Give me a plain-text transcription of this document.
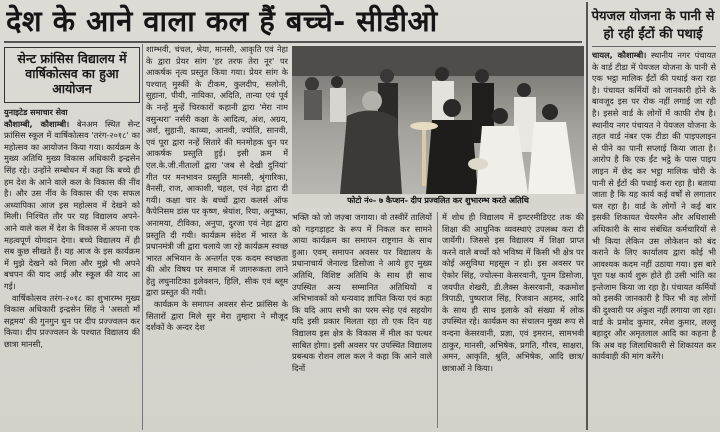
देश के आने वाला कल हैं बच्चे- सीडीओ
सेन्ट फ्रांसिस विद्यालय में वार्षिकोत्सव का हुआ आयोजन

युनाइटेड समाचार सेवा
कौशाम्बी, कौशाम्बी। बेनअम स्थित सेन्ट फ्रांसिस स्कूल में वार्षिकोत्सव 'तरंग-२०१८' का महोत्सव का आयोजन किया गया। कार्यक्रम के मुख्य अतिथि मुख्य विकास अधिकारी इन्द्रसेन सिंह रहे। उन्होंने सम्बोधन में कहा कि बच्चे ही हम देश के आने वाले कल के विकास की नींव है। और उस नींव के विकास की एक सफल अध्यापिका आज इस महोत्सव में देखने को मिली। निश्चित तौर पर यह विद्यालय अपने-आने वाले कल में देश के विकास में अपना एक महत्वपूर्ण योगदान देगा। बच्चे विद्यालय में ही सब कुछ सीखते हैं। यह आज के इस कार्यक्रम में मुझे देखने को मिला और मुझे भी अपने बचपन की याद आई और स्कूल की याद आ गई।

वार्षिकोत्सव तरंग-२०१८ का शुभारम्भ मुख्य विकास अधिकारी इन्द्रसेन सिंह ने 'असतो माँ सद्गमय' की गुनगुन धुन पर दीप प्रज्ज्वलन कर किया। दीप प्रज्ज्वलन के पश्चात विद्यालय की छात्रा मानसी,

शाम्भवी, चंचल, श्रेया, मानसी, आकृति एवं नेहा के द्वारा प्रेयर सांग 'हर तरफ तेरा नूर' पर आकर्षक नृत्य प्रस्तुत किया गया। प्रेयर सांग के पश्चात् मुस्कीं के टीकम, कुलदीप, सलोनी, सुहाना, पीयी, नायिका, अदिति, तान्या एवं पूर्व के नन्हें मुन्हें चिरकारों कहानी द्वारा 'मेरा नाम वसुन्धरा' नर्सरी कक्षा के आदित्य, अंश, अग्रय, अर्श, सुहानी, काव्या, आनवी, ज्योति, सानवी, एवं पूरा द्वारा नन्हें सितारे की मनमोहक धुन पर आकर्षक प्रस्तुति हुई। इसी क्रम में एल.के.जी.नीतालों द्वारा 'जब से देखी दुनियां' गीत पर मनभावन प्रस्तुति मानसी, श्रृंगारिका, वैनसी, राज, आकाशी, चहल, एवं नेहा द्वारा दी गयी। कक्षा चार के बच्चों द्वारा कलर्स ऑफ कैपेनिसम डांस पर कृष्ण, श्रेयांश, रिया, अनुष्का, अनामया, टीविका, अनुपा, दुरजा एवं नेहा द्वारा प्रस्तुति दी गयी। कार्यक्रम संदेश में भारत के प्रधानमंत्री जी द्वारा चलाये जा रहे कार्यक्रम स्वच्छ भारत अभियान के अन्तर्गत एक कदम स्वच्छता की ओर विषय पर समाज में जागरूकता लाने हेतु लघुनाटिका इलेक्शन, हिलि, सीक एवं ब्लूम द्वारा प्रस्तुत की गयी।

कार्यक्रम के समापन अवसर सेन्ट फ्रांसिस के सितारों द्वारा मिले सुर मेरा तुम्हारा ने मौजूद दर्शकों के अन्दर देश

फोटो नं०- ७ कैप्शन- दीप प्रज्वलित कर शुभारम्भ करते अतिथि

भक्ति को जो जज़्बा जगाया। वो तस्वीरें तालियों को गड़गड़ाहट के रूप में निकल कर सामने आया कार्यक्रम का समापन राष्ट्रगान के साथ हुआ। एवम् समापन अवसर पर विद्यालय के प्रधानाचार्य जेनाल्ड डिसोजा ने आये हुए मुख्य अतिथि, विशिष्ट अतिथि के साथ ही साथ उपस्थित अन्य सम्मानित अतिथियों व अभिभावकों को धन्यवाद ज्ञापित किया एवं कहा कि यदि आप सभी का परम स्नेह एवं सहयोग यदि इसी प्रकार मिलता रहा तो एक दिन यह विद्यालय इस क्षेत्र के विकास में मील का पत्थर साबित होगा। इसी अवसर पर उपस्थित विद्यालय प्रबन्धक रोशन लाल कल ने कहा कि आने वाले दिनों

में शोध ही विद्यालय में इण्टरमीडिएट तक की शिक्षा की आधुनिक व्यवस्थाएं उपलब्ध करा दी जायेंगी। जिससे इस विद्यालय में शिक्षा प्राप्त करने वाले बच्चों को भविष्य में किसी भी क्षेत्र पर कोई असुविधा महसूस न हो। इस अवसर पर ऐकोर सिंह, ज्योत्स्ना केसरवानी, पूनम डिसोजा, जयपीत शेखरी, डी.लैक्स केसरवानी, कक्रमोश त्रिपाठी, पुष्पराज सिंह, रिजवान अहमद, आदि के साथ ही साथ इलाके को संख्या में लोक उपस्थित रहे। कार्यक्रम का संचालन मुख्य रूप से वन्दना केसरवानी, प्रज्ञा, एवं इमरान, सामभवी ठाकुर, मानसी, अभिषेक, प्रगति, गौरव, साक्षरा, अमन, आकृति, श्रुति, अभिषेक, आदि छात्र/छात्राओं ने किया।

पेयजल योजना के पानी से हो रही ईंटों की पथाई

चायल, कौशाम्बी। स्थानीय नगर पंचायत के वार्ड टीडा में पेयजल योजना के पानी से एक भट्ठा मालिक ईंटों की पथाई करा रहा है। पंचायत कर्मियों को जानकारी होने के बावजूद इस पर रोक नहीं लगाई जा रही है। इससे वार्ड के लोगों में काफी रोष है। स्थानीय नगर पंचायत ने पेयजल योजना के तहत वार्ड नंबर एक टीडा की पाइपलाइन से पीने का पानी सप्लाई किया जाता है। आरोप है कि एक ईंट भट्ठे के पास पाइप लाइन में छेद कर भट्ठा मालिक चोरी के पानी से ईंटों की पथाई करा रहा है। बताया जाता है कि यह कार्य कई वर्षों से लगातार चल रहा है। वार्ड के लोगों ने कई बार इसकी शिकायत चेयरमैन और अधिशासी अधिकारी के साथ संबंधित कर्मचारियों से भी किया लेकिन उस लोकेशन को बंद कराने के लिए कार्यालय द्वारा कोई भी आवश्यक कदम नहीं उठाया गया। इस बारे पूरा पक्ष कार्य शुरू होते ही उसी भांति का इन्तेजाम किया जा रहा है। पंचायत कर्मियों को इसकी जानकारी है फिर भी वह लोगों की दुश्वारी पर अंकुश नहीं लगाया जा रहा। वार्ड के प्रमोद कुमार, रमेश कुमार, लल्लू बहादुर और अमृतलाल आदि का कहना है कि अब वह जिलाधिकारी से शिकायत कर कार्यवाही की मांग करेंगे।
